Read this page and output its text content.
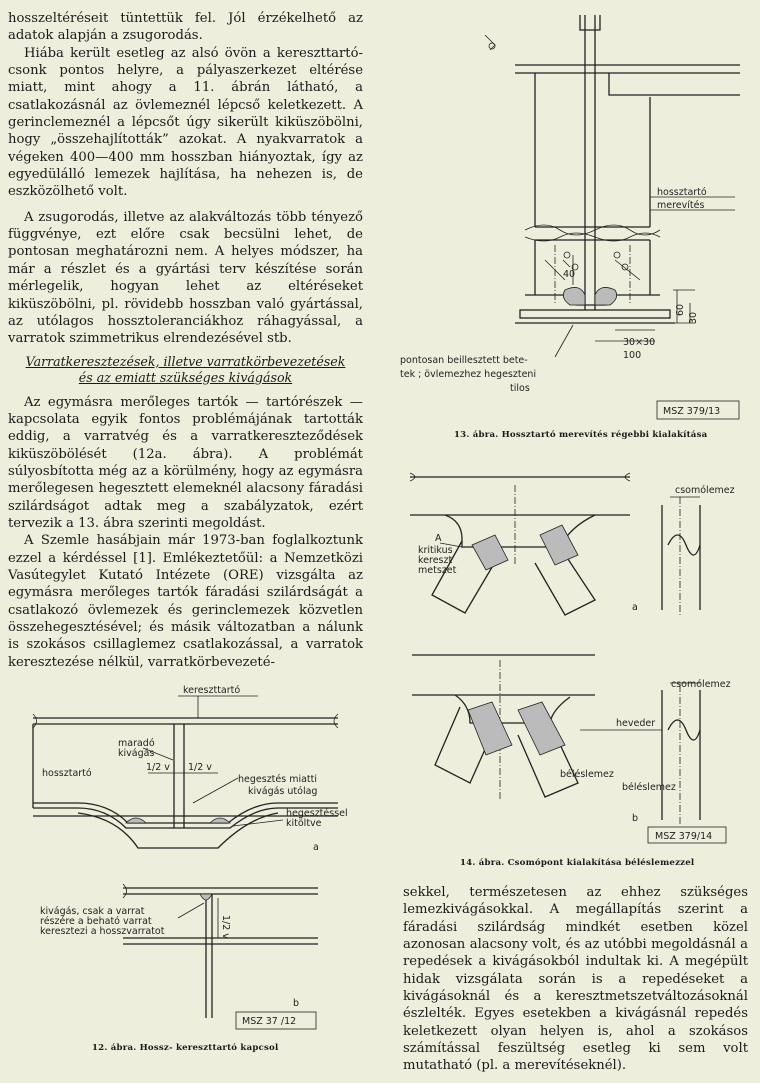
hosszeltéréseit tüntettük fel. Jól érzékelhető az adatok alapján a zsugorodás.

Hiába került esetleg az alsó övön a kereszttartó-csonk pontos helyre, a pályaszerkezet eltérése miatt, mint ahogy a 11. ábrán látható, a csatlakozásnál az övlemeznél lépcső keletkezett. A gerinclemeznél a lépcsőt úgy sikerült kiküszöbölni, hogy „összehajlították” azokat. A nyakvarratok a végeken 400—400 mm hosszban hiányoztak, így az egyedülálló lemezek hajlítása, ha nehezen is, de eszközölhető volt.

A zsugorodás, illetve az alakváltozás több tényező függvénye, ezt előre csak becsülni lehet, de pontosan meghatározni nem. A helyes módszer, ha már a részlet és a gyártási terv készítése során mérlegelik, hogyan lehet az eltéréseket kiküszöbölni, pl. rövidebb hosszban való gyártással, az utólagos hossztoleranciákhoz ráhagyással, a varratok szimmetrikus elrendezésével stb.

Varratkeresztezések, illetve varratkörbevezetések
és az emiatt szükséges kivágások

Az egymásra merőleges tartók — tartórészek — kapcsolata egyik fontos problémájának tartották eddig, a varratvég és a varratkereszteződések kiküszöbölését (12a. ábra). A problémát súlyosbította még az a körülmény, hogy az egymásra merőlegesen hegesztett elemeknél alacsony fáradási szilárdságot adtak meg a szabályzatok, ezért tervezik a 13. ábra szerinti megoldást.

A Szemle hasábjain már 1973-ban foglalkoztunk ezzel a kérdéssel [1]. Emlékeztetőül: a Nemzetközi Vasútegylet Kutató Intézete (ORE) vizsgálta az egymásra merőleges tartók fáradási szilárdságát a csatlakozó övlemezek és gerinclemezek közvetlen összehegesztésével; és másik változatban a nálunk is szokásos csillaglemez csatlakozással, a varratok keresztezése nélkül, varratkörbevezeté-

sekkel, természetesen az ehhez szükséges lemezkivágásokkal. A megállapítás szerint a fáradási szilárdság mindkét esetben közel azonosan alacsony volt, és az utóbbi megoldásnál a repedések a kivágásokból indultak ki. A megépült hidak vizsgálata során is a repedéseket a kivágásoknál és a keresztmetszetváltozásoknál észlelték. Egyes esetekben a kivágásnál repedés keletkezett olyan helyen is, ahol a szokásos számítással feszültség esetleg ki sem volt mutatható (pl. a merevítéseknél).

40
60
30
30×30
100
hossztartó
merevítés
pontosan beillesztett bete-
tek ; övlemezhez hegeszteni
tilos
MSZ 379/13
13. ábra. Hossztartó merevítés régebbi kialakítása
A
kritikus kereszt metszet
csomólemez
a
csomólemez
heveder
béléslemez
béléslemez
b
MSZ 379/14
14. ábra. Csomópont kialakítása béléslemezzel
kereszttartó
1/2 v 1/2 v
hossztartó
maradó kivágás
hegesztés miatti
kivágás utólag
hegesztéssel kitöltve
a
1/2 v
kivágás, csak a varrat részére a beható varrat keresztezi a hosszvarratot
b
MSZ 37 /12
12. ábra. Hossz- kereszttartó kapcsol
